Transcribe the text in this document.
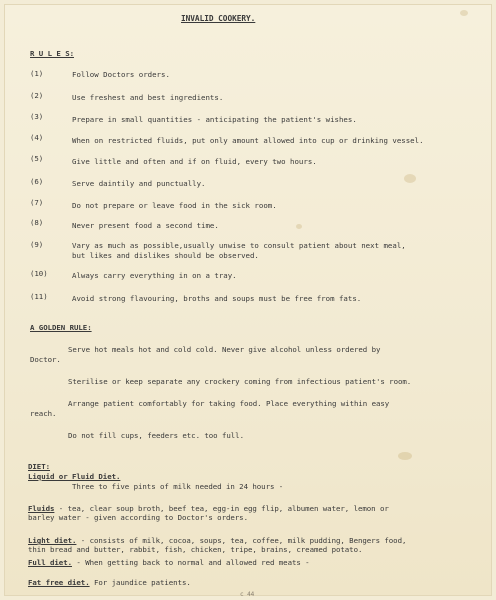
INVALID COOKERY.
R U L E S:
(1)	Follow Doctors orders.
(2)	Use freshest and best ingredients.
(3)	Prepare in small quantities - anticipating the patient's wishes.
(4)	When on restricted fluids, put only amount allowed into cup or drinking vessel.
(5)	Give little and often and if on fluid, every two hours.
(6)	Serve daintily and punctually.
(7)	Do not prepare or leave food in the sick room.
(8)	Never present food a second time.
(9)	Vary as much as possible,usually unwise to consult patient about next meal,
but likes and dislikes should be observed.
(10)	Always carry everything in on a tray.
(11)	Avoid strong flavouring, broths and soups must be free from fats.
A GOLDEN RULE:
Serve hot meals hot and cold cold. Never give alcohol unless ordered by
Doctor.
Sterilise or keep separate any crockery coming from infectious patient's room.
Arrange patient comfortably for taking food. Place everything within easy
reach.
Do not fill cups, feeders etc. too full.
DIET:
Liquid or Fluid Diet.
Three to five pints of milk needed in 24 hours -
Fluids - tea, clear soup broth, beef tea, egg-in egg flip, albumen water, lemon or
barley water - given according to Doctor's orders.
Light diet. - consists of milk, cocoa, soups, tea, coffee, milk pudding, Bengers food,
thin bread and butter, rabbit, fish, chicken, tripe, brains, creamed potato.
Full diet. - When getting back to normal and allowed red meats -
Fat free diet. For jaundice patients.
c 44
